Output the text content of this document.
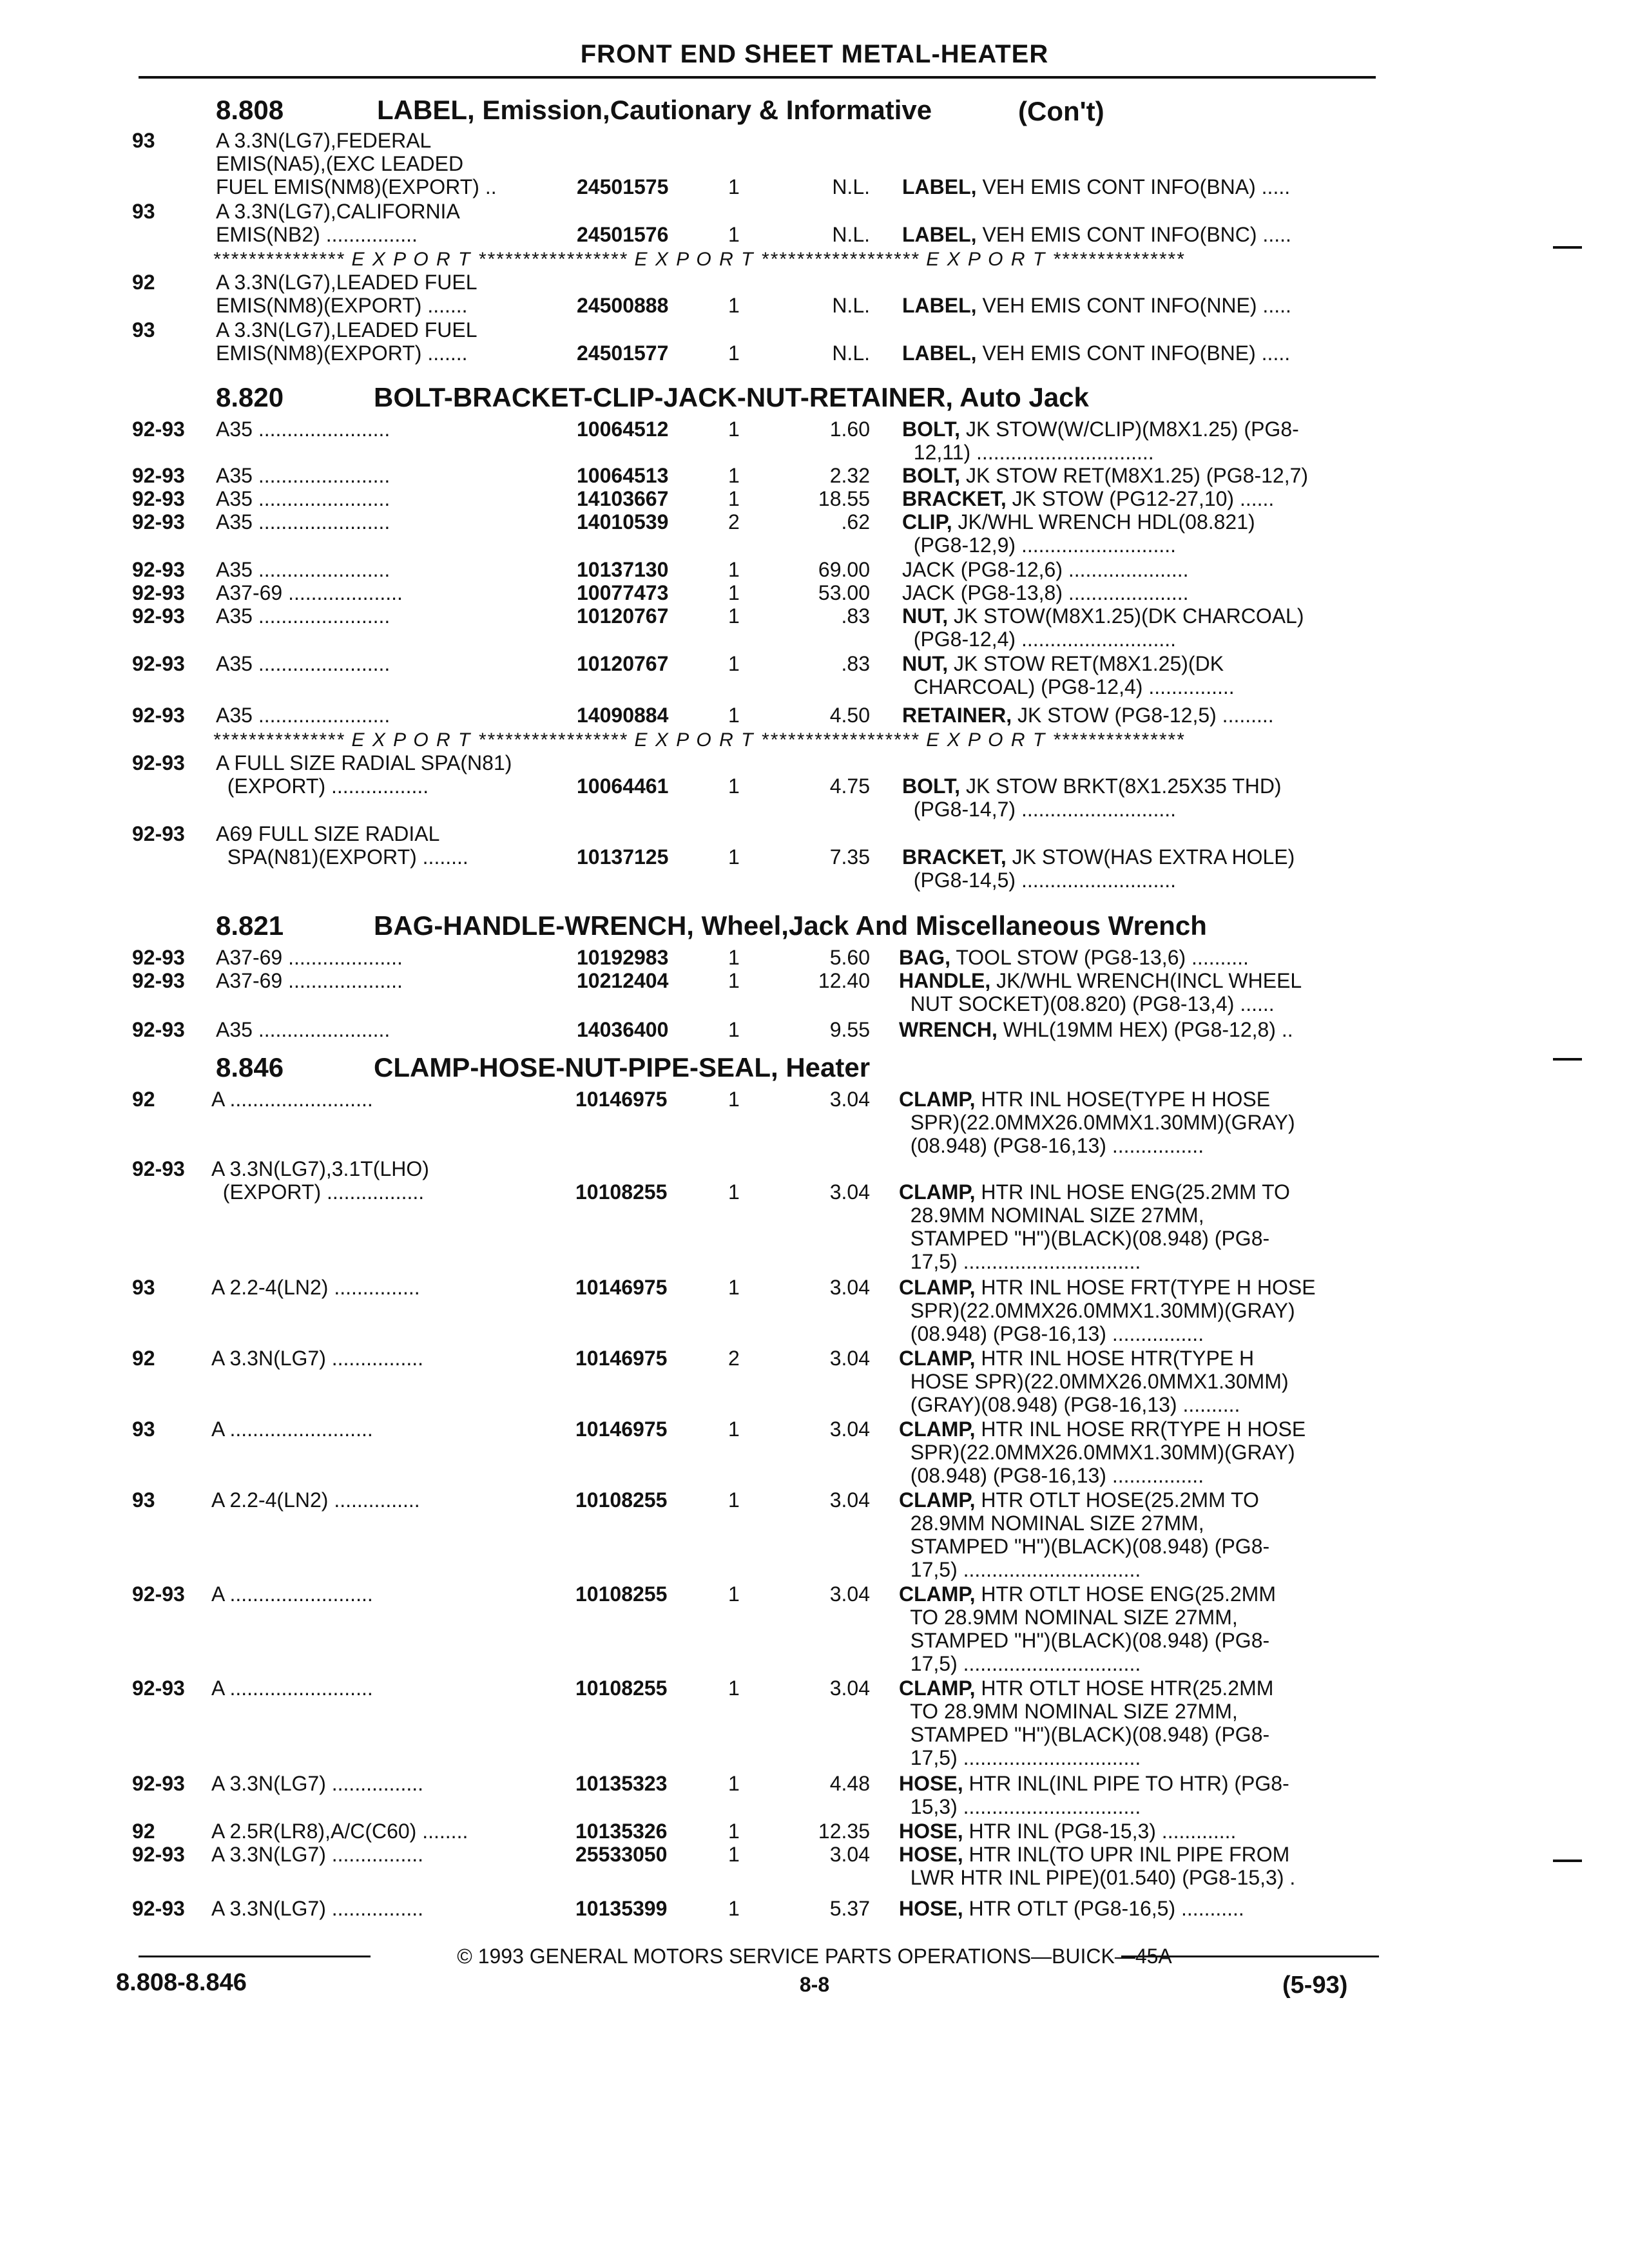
FRONT END SHEET METAL-HEATER
8.808	LABEL, Emission,Cautionary & Informative	(Con't)
8.820	BOLT-BRACKET-CLIP-JACK-NUT-RETAINER, Auto Jack
8.821	BAG-HANDLE-WRENCH, Wheel,Jack And Miscellaneous Wrench
8.846	CLAMP-HOSE-NUT-PIPE-SEAL, Heater
*************** E X P O R T ***************** E X P O R T ****************** E X P O R T ***************
*************** E X P O R T ***************** E X P O R T ****************** E X P O R T ***************
93	A 3.3N(LG7),FEDERAL
EMIS(NA5),(EXC LEADED
FUEL EMIS(NM8)(EXPORT) ..	24501575	1	N.L. LABEL, VEH EMIS CONT INFO(BNA) .....
93	A 3.3N(LG7),CALIFORNIA
EMIS(NB2) ................	24501576	1	N.L. LABEL, VEH EMIS CONT INFO(BNC) .....
92	A 3.3N(LG7),LEADED FUEL
EMIS(NM8)(EXPORT) .......	24500888	1	N.L. LABEL, VEH EMIS CONT INFO(NNE) .....
93	A 3.3N(LG7),LEADED FUEL
EMIS(NM8)(EXPORT) .......	24501577	1	N.L. LABEL, VEH EMIS CONT INFO(BNE) .....
92-93 A35 .......................	10064512	1	1.60 BOLT, JK STOW(W/CLIP)(M8X1.25) (PG8-
12,11) ...............................
92-93 A35 .......................	10064513	1	2.32 BOLT, JK STOW RET(M8X1.25) (PG8-12,7)
92-93 A35 .......................	14103667	1	18.55 BRACKET, JK STOW (PG12-27,10) ......
92-93 A35 .......................	14010539	2	.62 CLIP, JK/WHL WRENCH HDL(08.821)
(PG8-12,9) ...........................
92-93 A35 .......................	10137130	1	69.00 JACK (PG8-12,6) .....................
92-93 A37-69 ....................	10077473	1	53.00 JACK (PG8-13,8) .....................
92-93 A35 .......................	10120767	1	.83 NUT, JK STOW(M8X1.25)(DK CHARCOAL)
(PG8-12,4) ...........................
92-93 A35 .......................	10120767	1	.83 NUT, JK STOW RET(M8X1.25)(DK
CHARCOAL) (PG8-12,4) ...............
92-93 A35 .......................	14090884	1	4.50 RETAINER, JK STOW (PG8-12,5) .........
92-93 A FULL SIZE RADIAL SPA(N81)
(EXPORT) .................	10064461	1	4.75 BOLT, JK STOW BRKT(8X1.25X35 THD)
(PG8-14,7) ...........................
92-93 A69 FULL SIZE RADIAL
SPA(N81)(EXPORT) ........	10137125	1	7.35 BRACKET, JK STOW(HAS EXTRA HOLE)
(PG8-14,5) ...........................
92-93 A37-69 ....................	10192983	1	5.60 BAG, TOOL STOW (PG8-13,6) ..........
92-93 A37-69 ....................	10212404	1	12.40 HANDLE, JK/WHL WRENCH(INCL WHEEL
NUT SOCKET)(08.820) (PG8-13,4) ......
92-93 A35 .......................	14036400	1	9.55 WRENCH, WHL(19MM HEX) (PG8-12,8) ..
92	A .........................	10146975	1	3.04 CLAMP, HTR INL HOSE(TYPE H HOSE
SPR)(22.0MMX26.0MMX1.30MM)(GRAY)
(08.948) (PG8-16,13) ................
92-93 A 3.3N(LG7),3.1T(LHO)
(EXPORT) .................	10108255	1	3.04 CLAMP, HTR INL HOSE ENG(25.2MM TO
28.9MM NOMINAL SIZE 27MM,
STAMPED "H")(BLACK)(08.948) (PG8-
17,5) ...............................
93	A 2.2-4(LN2) ...............	10146975	1	3.04 CLAMP, HTR INL HOSE FRT(TYPE H HOSE
SPR)(22.0MMX26.0MMX1.30MM)(GRAY)
(08.948) (PG8-16,13) ................
92	A 3.3N(LG7) ................	10146975	2	3.04 CLAMP, HTR INL HOSE HTR(TYPE H
HOSE SPR)(22.0MMX26.0MMX1.30MM)
(GRAY)(08.948) (PG8-16,13) ..........
93	A .........................	10146975	1	3.04 CLAMP, HTR INL HOSE RR(TYPE H HOSE
SPR)(22.0MMX26.0MMX1.30MM)(GRAY)
(08.948) (PG8-16,13) ................
93	A 2.2-4(LN2) ...............	10108255	1	3.04 CLAMP, HTR OTLT HOSE(25.2MM TO
28.9MM NOMINAL SIZE 27MM,
STAMPED "H")(BLACK)(08.948) (PG8-
17,5) ...............................
92-93 A .........................	10108255	1	3.04 CLAMP, HTR OTLT HOSE ENG(25.2MM
TO 28.9MM NOMINAL SIZE 27MM,
STAMPED "H")(BLACK)(08.948) (PG8-
17,5) ...............................
92-93 A .........................	10108255	1	3.04 CLAMP, HTR OTLT HOSE HTR(25.2MM
TO 28.9MM NOMINAL SIZE 27MM,
STAMPED "H")(BLACK)(08.948) (PG8-
17,5) ...............................
92-93 A 3.3N(LG7) ................	10135323	1	4.48 HOSE, HTR INL(INL PIPE TO HTR) (PG8-
15,3) ...............................
92	A 2.5R(LR8),A/C(C60) ........	10135326	1	12.35 HOSE, HTR INL (PG8-15,3) .............
92-93 A 3.3N(LG7) ................	25533050	1	3.04 HOSE, HTR INL(TO UPR INL PIPE FROM
LWR HTR INL PIPE)(01.540) (PG8-15,3) .
92-93 A 3.3N(LG7) ................	10135399	1	5.37 HOSE, HTR OTLT (PG8-16,5) ...........
© 1993 GENERAL MOTORS SERVICE PARTS OPERATIONS—BUICK—45A
8.808-8.846	8-8	(5-93)
